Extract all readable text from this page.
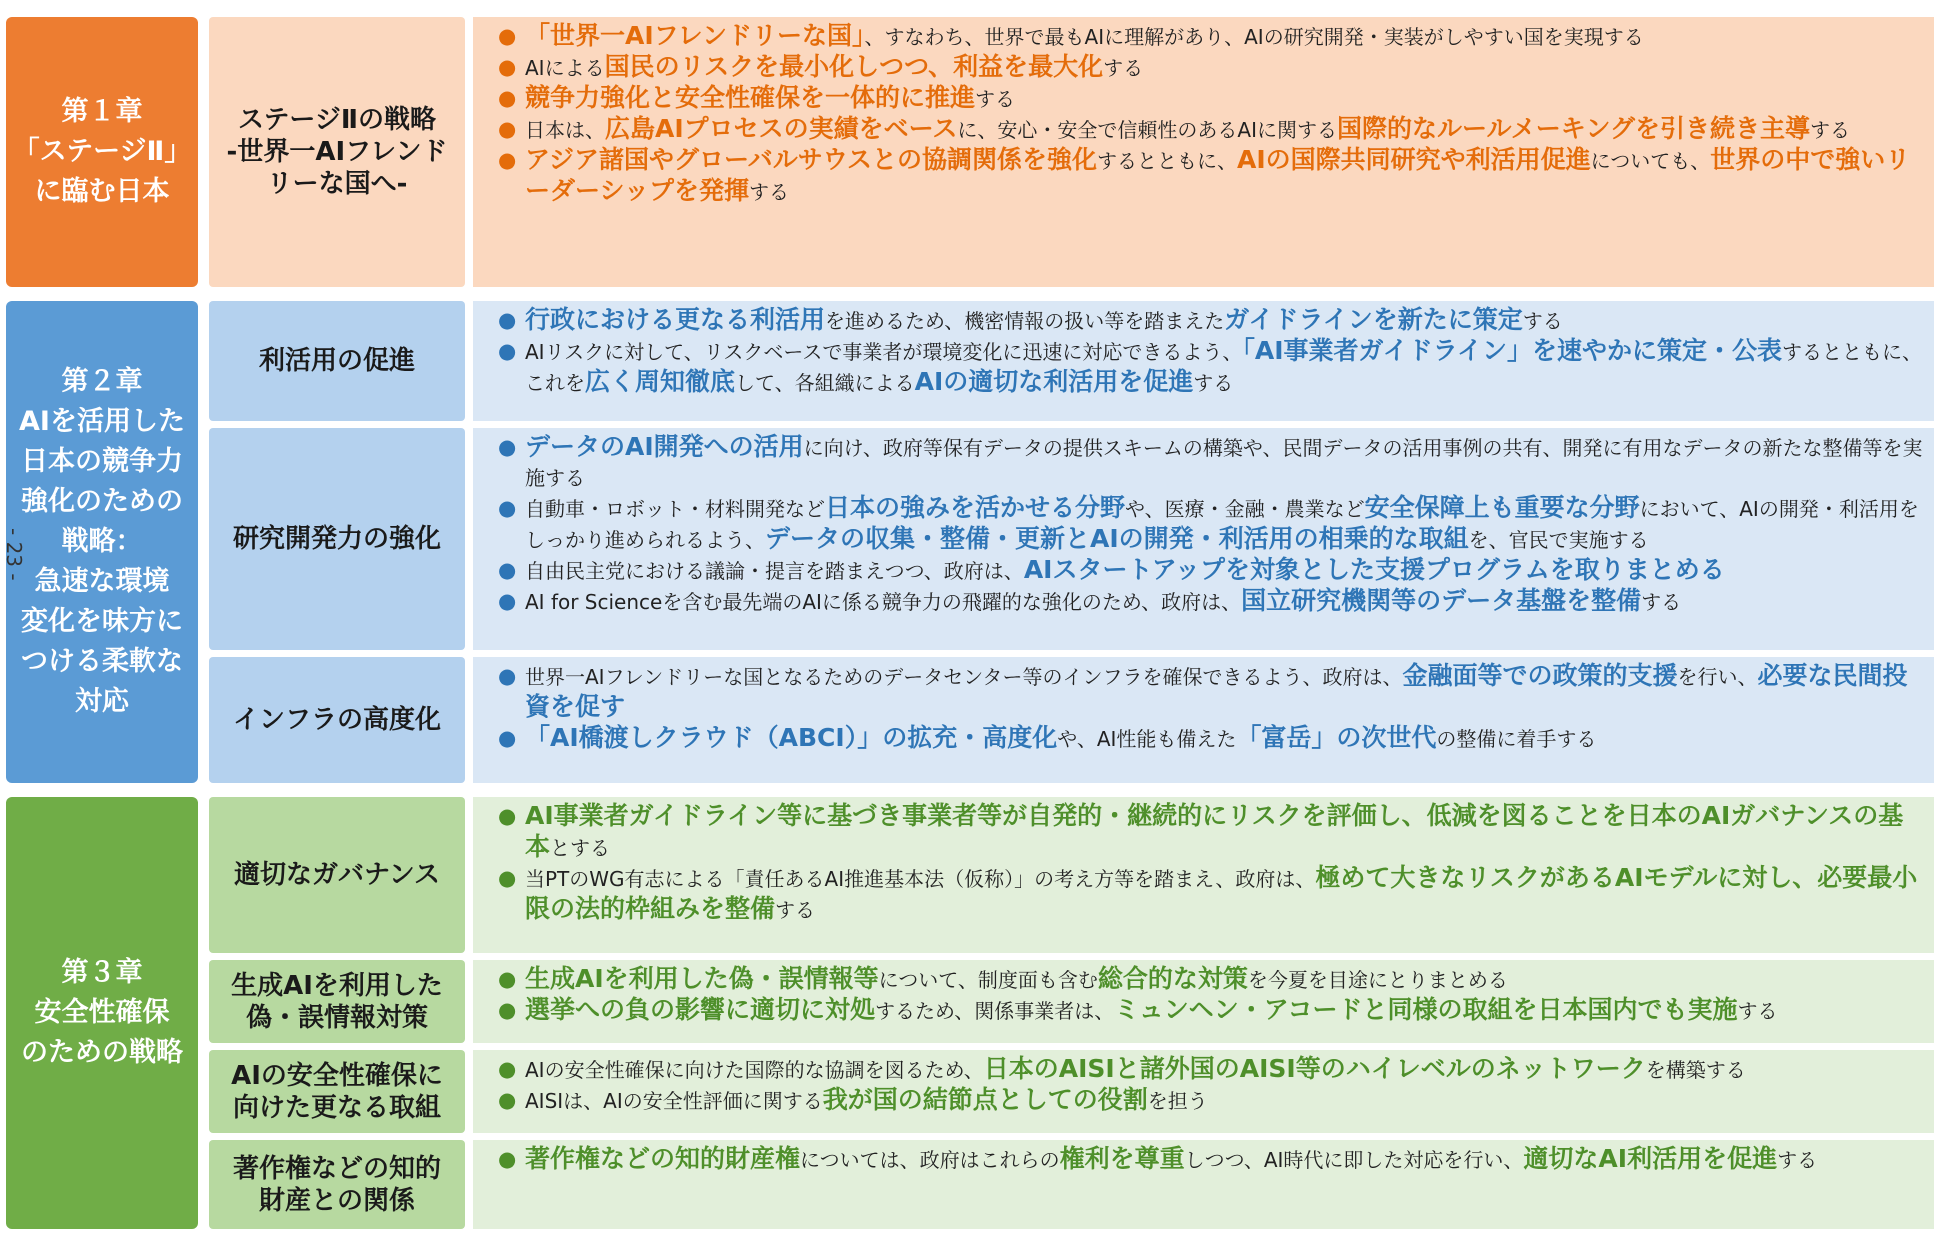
第１章
「ステージⅡ」
に臨む日本
ステージⅡの戦略
-世界一AIフレンド
リーな国へ-
● 「世界一AIフレンドリーな国」、すなわち、世界で最もAIに理解があり、AIの研究開発・実装がしやすい国を実現する
● AIによる国民のリスクを最小化しつつ、利益を最大化する
● 競争力強化と安全性確保を一体的に推進する
● 日本は、広島AIプロセスの実績をベースに、安心・安全で信頼性のあるAIに関する国際的なルールメーキングを引き続き主導する
● アジア諸国やグローバルサウスとの協調関係を強化するとともに、AIの国際共同研究や利活用促進についても、世界の中で強いリーダーシップを発揮する
第２章
AIを活用した
日本の競争力
強化のための
戦略：
急速な環境
変化を味方に
つける柔軟な
対応
利活用の促進
● 行政における更なる利活用を進めるため、機密情報の扱い等を踏まえたガイドラインを新たに策定する
● AIリスクに対して、リスクベースで事業者が環境変化に迅速に対応できるよう、「AI事業者ガイドライン」を速やかに策定・公表するとともに、これを広く周知徹底して、各組織によるAIの適切な利活用を促進する
研究開発力の強化
● データのAI開発への活用に向け、政府等保有データの提供スキームの構築や、民間データの活用事例の共有、開発に有用なデータの新たな整備等を実施する
● 自動車・ロボット・材料開発など日本の強みを活かせる分野や、医療・金融・農業など安全保障上も重要な分野において、AIの開発・利活用をしっかり進められるよう、データの収集・整備・更新とAIの開発・利活用の相乗的な取組を、官民で実施する
● 自由民主党における議論・提言を踏まえつつ、政府は、AIスタートアップを対象とした支援プログラムを取りまとめる
● AI for Scienceを含む最先端のAIに係る競争力の飛躍的な強化のため、政府は、国立研究機関等のデータ基盤を整備する
インフラの高度化
● 世界一AIフレンドリーな国となるためのデータセンター等のインフラを確保できるよう、政府は、金融面等での政策的支援を行い、必要な民間投資を促す
● 「AI橋渡しクラウド（ABCI）」の拡充・高度化や、AI性能も備えた「富岳」の次世代の整備に着手する
第３章
安全性確保
のための戦略
適切なガバナンス
● AI事業者ガイドライン等に基づき事業者等が自発的・継続的にリスクを評価し、低減を図ることを日本のAIガバナンスの基本とする
● 当PTのWG有志による「責任あるAI推進基本法（仮称）」の考え方等を踏まえ、政府は、極めて大きなリスクがあるAIモデルに対し、必要最小限の法的枠組みを整備する
生成AIを利用した
偽・誤情報対策
● 生成AIを利用した偽・誤情報等について、制度面も含む総合的な対策を今夏を目途にとりまとめる
● 選挙への負の影響に適切に対処するため、関係事業者は、ミュンヘン・アコードと同様の取組を日本国内でも実施する
AIの安全性確保に
向けた更なる取組
● AIの安全性確保に向けた国際的な協調を図るため、日本のAISIと諸外国のAISI等のハイレベルのネットワークを構築する
● AISIは、AIの安全性評価に関する我が国の結節点としての役割を担う
著作権などの知的
財産との関係
● 著作権などの知的財産権については、政府はこれらの権利を尊重しつつ、AI時代に即した対応を行い、適切なAI利活用を促進する
- 23 -
